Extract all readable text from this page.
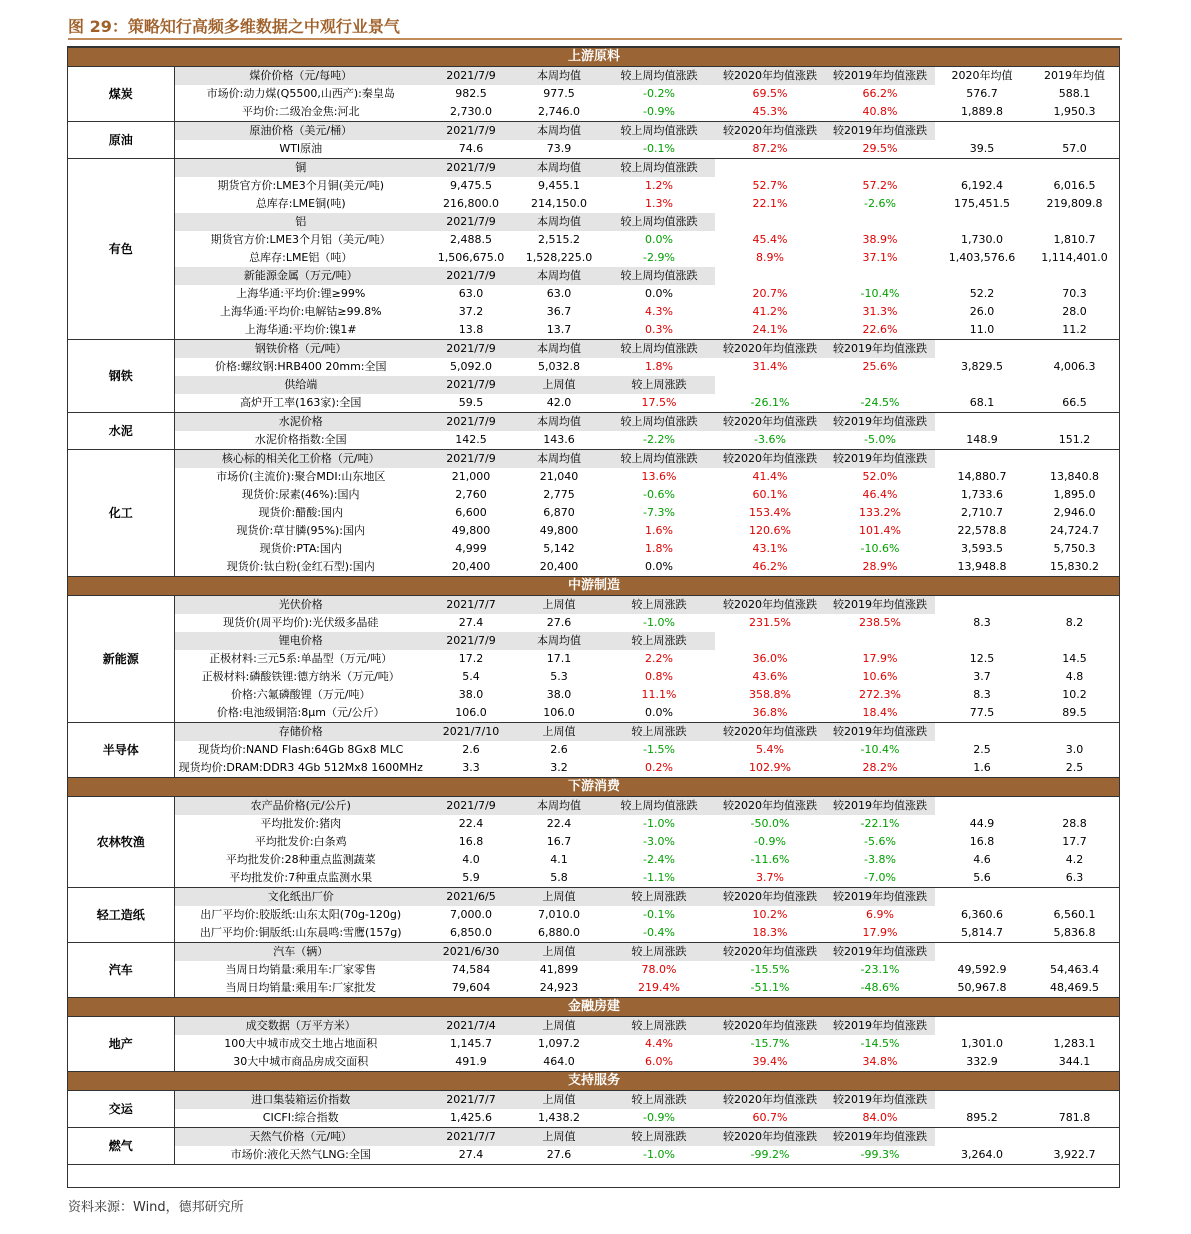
图 29：策略知行高频多维数据之中观行业景气
上游原料								
煤炭	煤价价格（元/每吨）	2021/7/9	本周均值	较上周均值涨跌	较2020年均值涨跌	较2019年均值涨跌	2020年均值	2019年均值
	市场价:动力煤(Q5500,山西产):秦皇岛	982.5	977.5	-0.2%	69.5%	66.2%	576.7	588.1
	平均价:二级冶金焦:河北	2,730.0	2,746.0	-0.9%	45.3%	40.8%	1,889.8	1,950.3
原油	原油价格（美元/桶）	2021/7/9	本周均值	较上周均值涨跌	较2020年均值涨跌	较2019年均值涨跌		
	WTI原油	74.6	73.9	-0.1%	87.2%	29.5%	39.5	57.0
有色	铜	2021/7/9	本周均值	较上周均值涨跌				
	期货官方价:LME3个月铜(美元/吨)	9,475.5	9,455.1	1.2%	52.7%	57.2%	6,192.4	6,016.5
	总库存:LME铜(吨)	216,800.0	214,150.0	1.3%	22.1%	-2.6%	175,451.5	219,809.8
	铝	2021/7/9	本周均值	较上周均值涨跌				
	期货官方价:LME3个月铝（美元/吨）	2,488.5	2,515.2	0.0%	45.4%	38.9%	1,730.0	1,810.7
	总库存:LME铝（吨）	1,506,675.0	1,528,225.0	-2.9%	8.9%	37.1%	1,403,576.6	1,114,401.0
	新能源金属（万元/吨）	2021/7/9	本周均值	较上周均值涨跌				
	上海华通:平均价:锂≥99%	63.0	63.0	0.0%	20.7%	-10.4%	52.2	70.3
	上海华通:平均价:电解钴≥99.8%	37.2	36.7	4.3%	41.2%	31.3%	26.0	28.0
	上海华通:平均价:镍1#	13.8	13.7	0.3%	24.1%	22.6%	11.0	11.2
钢铁	钢铁价格（元/吨）	2021/7/9	本周均值	较上周均值涨跌	较2020年均值涨跌	较2019年均值涨跌		
	价格:螺纹钢:HRB400 20mm:全国	5,092.0	5,032.8	1.8%	31.4%	25.6%	3,829.5	4,006.3
	供给端	2021/7/9	上周值	较上周涨跌				
	高炉开工率(163家):全国	59.5	42.0	17.5%	-26.1%	-24.5%	68.1	66.5
水泥	水泥价格	2021/7/9	本周均值	较上周均值涨跌	较2020年均值涨跌	较2019年均值涨跌		
	水泥价格指数:全国	142.5	143.6	-2.2%	-3.6%	-5.0%	148.9	151.2
化工	核心标的相关化工价格（元/吨）	2021/7/9	本周均值	较上周均值涨跌	较2020年均值涨跌	较2019年均值涨跌		
	市场价(主流价):聚合MDI:山东地区	21,000	21,040	13.6%	41.4%	52.0%	14,880.7	13,840.8
	现货价:尿素(46%):国内	2,760	2,775	-0.6%	60.1%	46.4%	1,733.6	1,895.0
	现货价:醋酸:国内	6,600	6,870	-7.3%	153.4%	133.2%	2,710.7	2,946.0
	现货价:草甘膦(95%):国内	49,800	49,800	1.6%	120.6%	101.4%	22,578.8	24,724.7
	现货价:PTA:国内	4,999	5,142	1.8%	43.1%	-10.6%	3,593.5	5,750.3
	现货价:钛白粉(金红石型):国内	20,400	20,400	0.0%	46.2%	28.9%	13,948.8	15,830.2
中游制造								
新能源	光伏价格	2021/7/7	上周值	较上周涨跌	较2020年均值涨跌	较2019年均值涨跌		
	现货价(周平均价):光伏级多晶硅	27.4	27.6	-1.0%	231.5%	238.5%	8.3	8.2
	锂电价格	2021/7/9	本周均值	较上周涨跌				
	正极材料:三元5系:单晶型（万元/吨）	17.2	17.1	2.2%	36.0%	17.9%	12.5	14.5
	正极材料:磷酸铁锂:德方纳米（万元/吨）	5.4	5.3	0.8%	43.6%	10.6%	3.7	4.8
	价格:六氟磷酸锂（万元/吨）	38.0	38.0	11.1%	358.8%	272.3%	8.3	10.2
	价格:电池级铜箔:8μm（元/公斤）	106.0	106.0	0.0%	36.8%	18.4%	77.5	89.5
半导体	存储价格	2021/7/10	上周值	较上周涨跌	较2020年均值涨跌	较2019年均值涨跌		
	现货均价:NAND Flash:64Gb 8Gx8 MLC	2.6	2.6	-1.5%	5.4%	-10.4%	2.5	3.0
	现货均价:DRAM:DDR3 4Gb 512Mx8 1600MHz	3.3	3.2	0.2%	102.9%	28.2%	1.6	2.5
下游消费								
农林牧渔	农产品价格(元/公斤)	2021/7/9	本周均值	较上周均值涨跌	较2020年均值涨跌	较2019年均值涨跌		
	平均批发价:猪肉	22.4	22.4	-1.0%	-50.0%	-22.1%	44.9	28.8
	平均批发价:白条鸡	16.8	16.7	-3.0%	-0.9%	-5.6%	16.8	17.7
	平均批发价:28种重点监测蔬菜	4.0	4.1	-2.4%	-11.6%	-3.8%	4.6	4.2
	平均批发价:7种重点监测水果	5.9	5.8	-1.1%	3.7%	-7.0%	5.6	6.3
轻工造纸	文化纸出厂价	2021/6/5	上周值	较上周涨跌	较2020年均值涨跌	较2019年均值涨跌		
	出厂平均价:胶版纸:山东太阳(70g-120g)	7,000.0	7,010.0	-0.1%	10.2%	6.9%	6,360.6	6,560.1
	出厂平均价:铜版纸:山东晨鸣:雪鹰(157g)	6,850.0	6,880.0	-0.4%	18.3%	17.9%	5,814.7	5,836.8
汽车	汽车（辆）	2021/6/30	上周值	较上周涨跌	较2020年均值涨跌	较2019年均值涨跌		
	当周日均销量:乘用车:厂家零售	74,584	41,899	78.0%	-15.5%	-23.1%	49,592.9	54,463.4
	当周日均销量:乘用车:厂家批发	79,604	24,923	219.4%	-51.1%	-48.6%	50,967.8	48,469.5
金融房建								
地产	成交数据（万平方米）	2021/7/4	上周值	较上周涨跌	较2020年均值涨跌	较2019年均值涨跌		
	100大中城市成交土地占地面积	1,145.7	1,097.2	4.4%	-15.7%	-14.5%	1,301.0	1,283.1
	30大中城市商品房成交面积	491.9	464.0	6.0%	39.4%	34.8%	332.9	344.1
支持服务								
交运	进口集装箱运价指数	2021/7/7	上周值	较上周涨跌	较2020年均值涨跌	较2019年均值涨跌		
	CICFI:综合指数	1,425.6	1,438.2	-0.9%	60.7%	84.0%	895.2	781.8
燃气	天然气价格（元/吨）	2021/7/7	上周值	较上周涨跌	较2020年均值涨跌	较2019年均值涨跌		
	市场价:液化天然气LNG:全国	27.4	27.6	-1.0%	-99.2%	-99.3%	3,264.0	3,922.7
资料来源：Wind，德邦研究所
